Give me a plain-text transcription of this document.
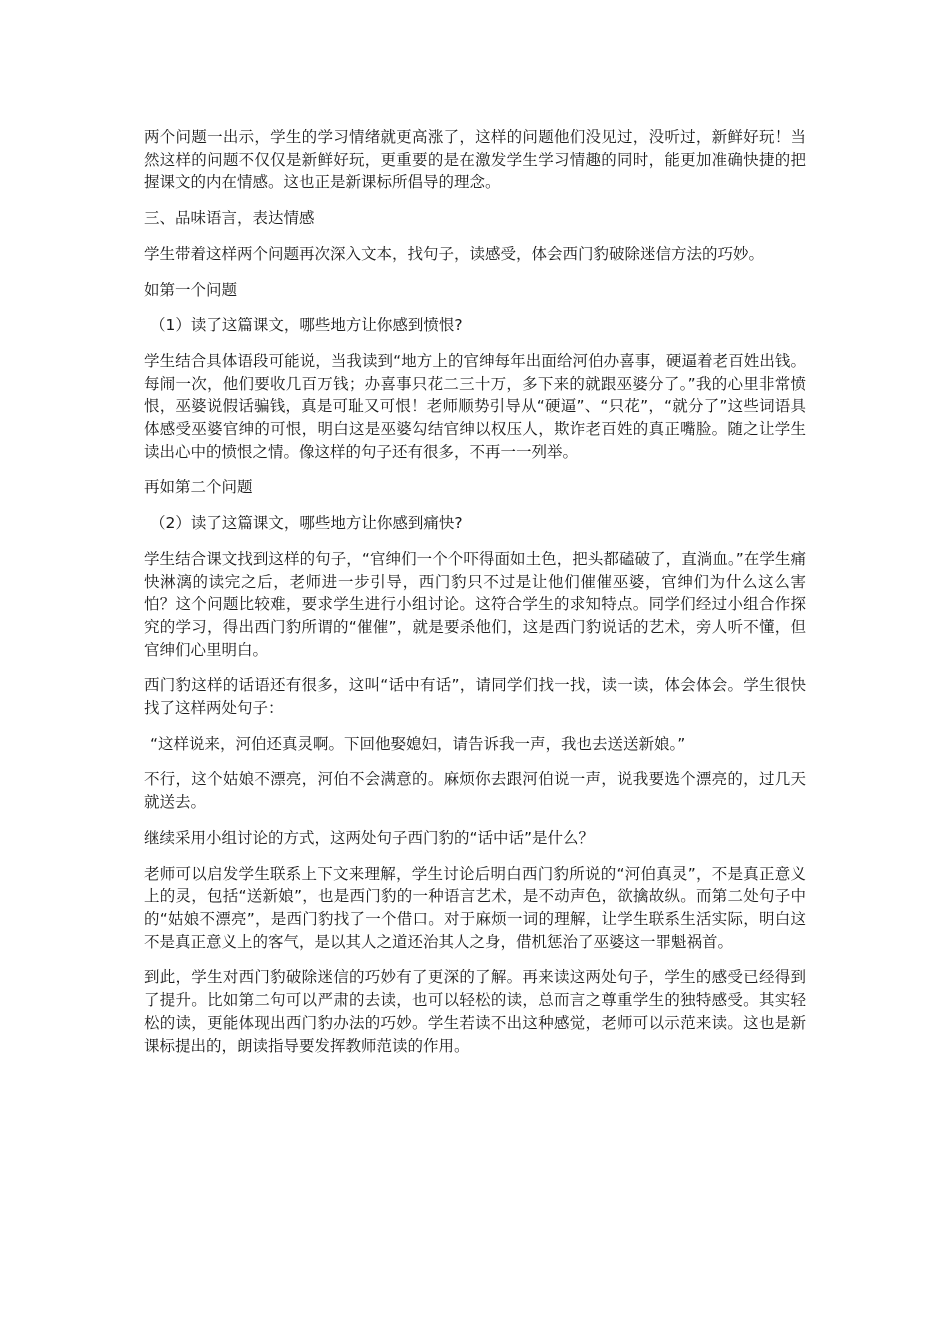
两个问题一出示，学生的学习情绪就更高涨了，这样的问题他们没见过，没听过，新鲜好玩！当然这样的问题不仅仅是新鲜好玩，更重要的是在激发学生学习情趣的同时，能更加准确快捷的把握课文的内在情感。这也正是新课标所倡导的理念。

三、品味语言，表达情感

学生带着这样两个问题再次深入文本，找句子，读感受，体会西门豹破除迷信方法的巧妙。

如第一个问题

（1）读了这篇课文，哪些地方让你感到愤恨?

学生结合具体语段可能说，当我读到“地方上的官绅每年出面给河伯办喜事，硬逼着老百姓出钱。每闹一次，他们要收几百万钱；办喜事只花二三十万，多下来的就跟巫婆分了。”我的心里非常愤恨，巫婆说假话骗钱，真是可耻又可恨！老师顺势引导从“硬逼”、“只花”，“就分了”这些词语具体感受巫婆官绅的可恨，明白这是巫婆勾结官绅以权压人，欺诈老百姓的真正嘴脸。随之让学生读出心中的愤恨之情。像这样的句子还有很多，不再一一列举。

再如第二个问题

（2）读了这篇课文，哪些地方让你感到痛快?

学生结合课文找到这样的句子，“官绅们一个个吓得面如土色，把头都磕破了，直淌血。”在学生痛快淋漓的读完之后，老师进一步引导，西门豹只不过是让他们催催巫婆，官绅们为什么这么害怕？这个问题比较难，要求学生进行小组讨论。这符合学生的求知特点。同学们经过小组合作探究的学习，得出西门豹所谓的“催催”，就是要杀他们，这是西门豹说话的艺术，旁人听不懂，但官绅们心里明白。

西门豹这样的话语还有很多，这叫“话中有话”，请同学们找一找，读一读，体会体会。学生很快找了这样两处句子：

“这样说来，河伯还真灵啊。下回他娶媳妇，请告诉我一声，我也去送送新娘。”

不行，这个姑娘不漂亮，河伯不会满意的。麻烦你去跟河伯说一声，说我要选个漂亮的，过几天就送去。

继续采用小组讨论的方式，这两处句子西门豹的“话中话”是什么？

老师可以启发学生联系上下文来理解，学生讨论后明白西门豹所说的“河伯真灵”，不是真正意义上的灵，包括“送新娘”，也是西门豹的一种语言艺术，是不动声色，欲擒故纵。而第二处句子中的“姑娘不漂亮”，是西门豹找了一个借口。对于麻烦一词的理解，让学生联系生活实际，明白这不是真正意义上的客气，是以其人之道还治其人之身，借机惩治了巫婆这一罪魁祸首。

到此，学生对西门豹破除迷信的巧妙有了更深的了解。再来读这两处句子，学生的感受已经得到了提升。比如第二句可以严肃的去读，也可以轻松的读，总而言之尊重学生的独特感受。其实轻松的读，更能体现出西门豹办法的巧妙。学生若读不出这种感觉，老师可以示范来读。这也是新课标提出的，朗读指导要发挥教师范读的作用。
